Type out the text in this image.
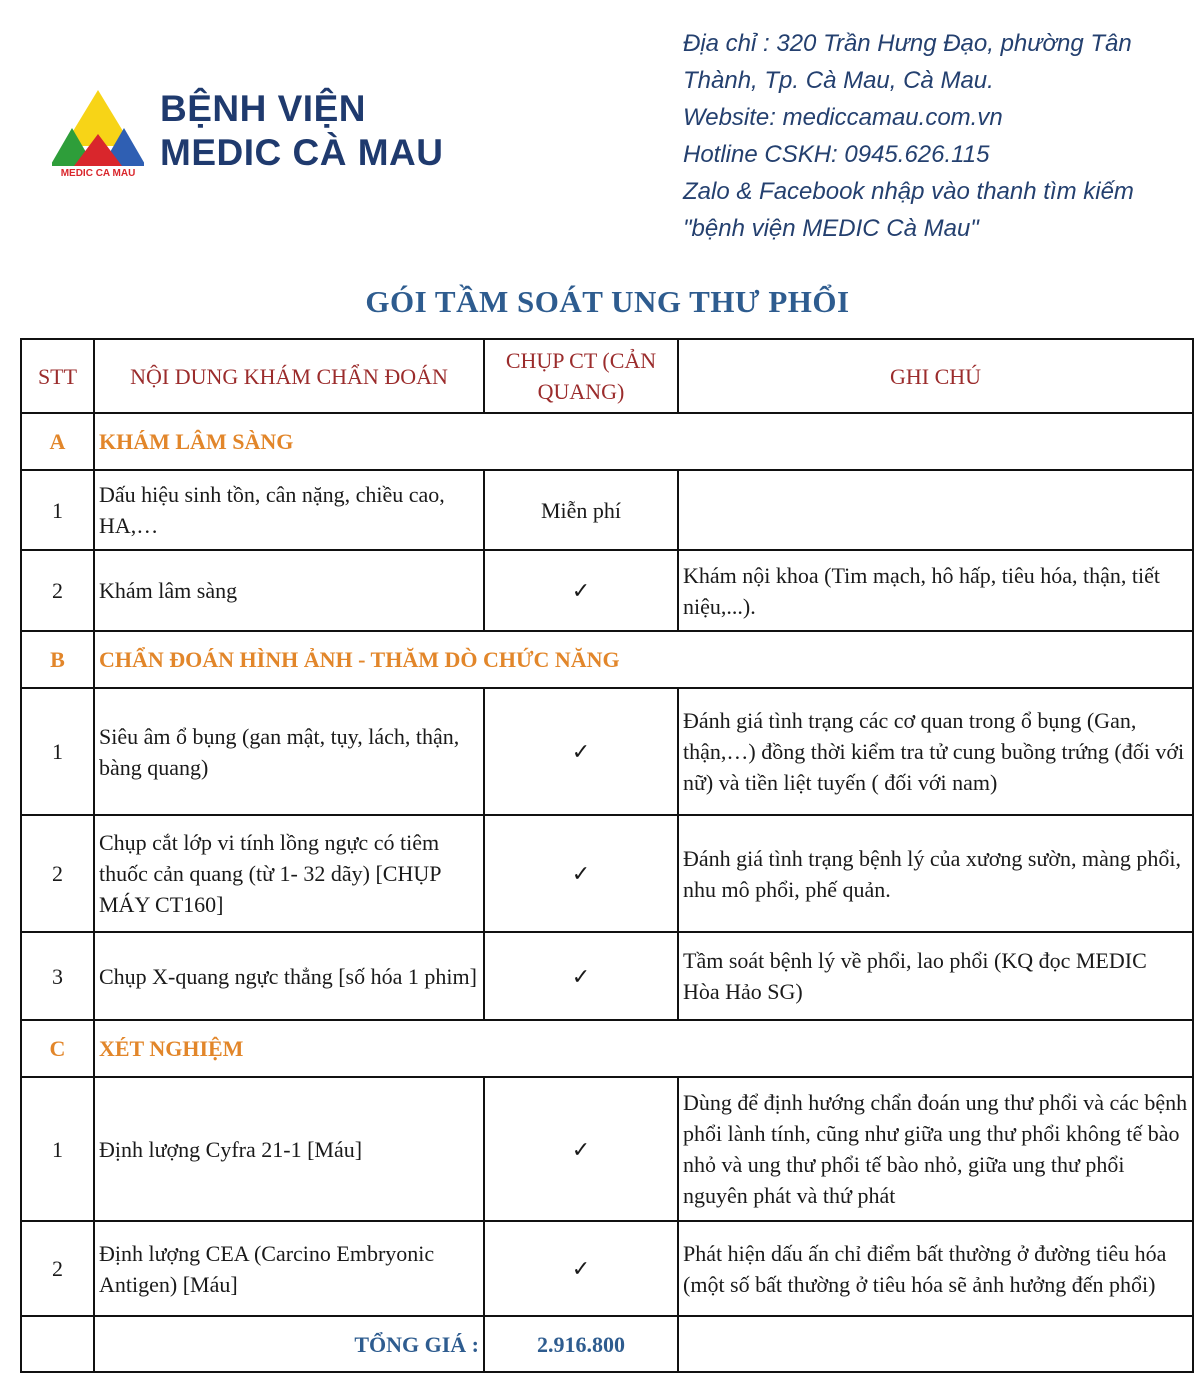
MEDIC CA MAU
BỆNH VIỆN
MEDIC CÀ MAU
Địa chỉ : 320 Trần Hưng Đạo, phường Tân
Thành, Tp. Cà Mau, Cà Mau.
Website: mediccamau.com.vn
Hotline CSKH: 0945.626.115
Zalo & Facebook nhập vào thanh tìm kiếm
"bệnh viện MEDIC Cà Mau"
GÓI TẦM SOÁT UNG THƯ PHỔI
STT	NỘI DUNG KHÁM CHẨN ĐOÁN	CHỤP CT (CẢN QUANG)	GHI CHÚ
A	KHÁM LÂM SÀNG		
1	Dấu hiệu sinh tồn, cân nặng, chiều cao, HA,…	Miễn phí	
2	Khám lâm sàng	✓	Khám nội khoa (Tim mạch, hô hấp, tiêu hóa, thận, tiết niệu,...).
B	CHẨN ĐOÁN HÌNH ẢNH - THĂM DÒ CHỨC NĂNG		
1	Siêu âm ổ bụng (gan mật, tụy, lách, thận, bàng quang)	✓	Đánh giá tình trạng các cơ quan trong ổ bụng (Gan, thận,…) đồng thời kiểm tra tử cung buồng trứng (đối với nữ) và tiền liệt tuyến ( đối với nam)
2	Chụp cắt lớp vi tính lồng ngực có tiêm thuốc cản quang (từ 1- 32 dãy) [CHỤP MÁY CT160]	✓	Đánh giá tình trạng bệnh lý của xương sườn, màng phổi, nhu mô phổi, phế quản.
3	Chụp X-quang ngực thẳng [số hóa 1 phim]	✓	Tầm soát bệnh lý về phổi, lao phổi (KQ đọc MEDIC Hòa Hảo SG)
C	XÉT NGHIỆM		
1	Định lượng Cyfra 21-1 [Máu]	✓	Dùng để định hướng chẩn đoán ung thư phổi và các bệnh phổi lành tính, cũng như giữa ung thư phổi không tế bào nhỏ và ung thư phổi tế bào nhỏ, giữa ung thư phổi nguyên phát và thứ phát
2	Định lượng CEA (Carcino Embryonic Antigen) [Máu]	✓	Phát hiện dấu ấn chỉ điểm bất thường ở đường tiêu hóa (một số bất thường ở tiêu hóa sẽ ảnh hưởng đến phổi)
	TỔNG GIÁ :	2.916.800	
